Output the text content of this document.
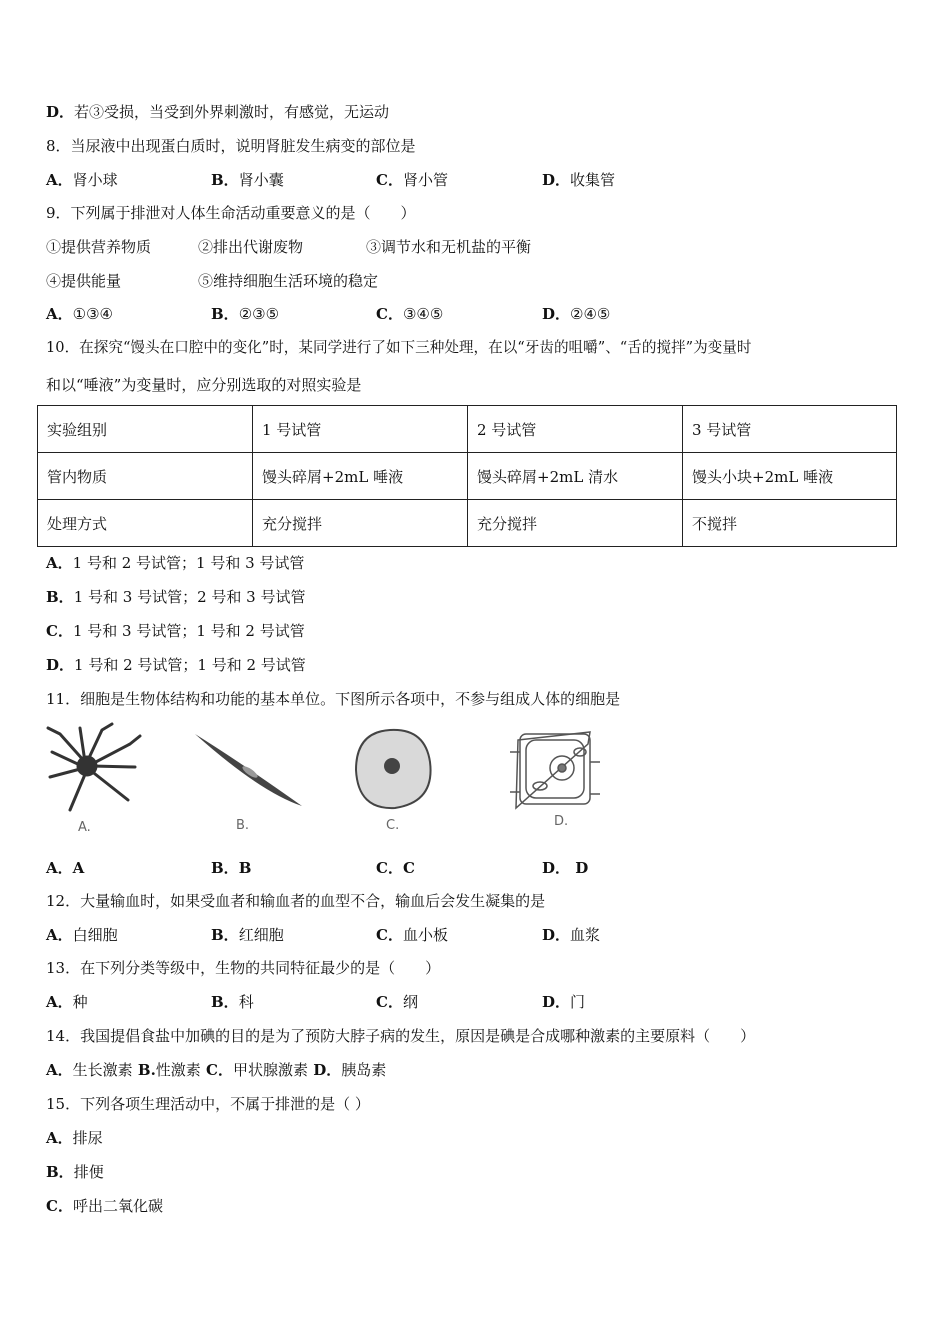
D．若③受损，当受到外界刺激时，有感觉，无运动
8．当尿液中出现蛋白质时，说明肾脏发生病变的部位是
A．肾小球	B．肾小囊	C．肾小管	D．收集管
9．下列属于排泄对人体生命活动重要意义的是（　　）
①提供营养物质	②排出代谢废物	③调节水和无机盐的平衡
④提供能量	⑤维持细胞生活环境的稳定
A．①③④	B．②③⑤	C．③④⑤	D．②④⑤
10．在探究“馒头在口腔中的变化”时，某同学进行了如下三种处理，在以“牙齿的咀嚼”、“舌的搅拌”为变量时
和以“唾液”为变量时，应分别选取的对照实验是
实验组别	1 号试管	2 号试管	3 号试管
管内物质	馒头碎屑+2mL 唾液	馒头碎屑+2mL 清水	馒头小块+2mL 唾液
处理方式	充分搅拌	充分搅拌	不搅拌
A．1 号和 2 号试管；1 号和 3 号试管
B．1 号和 3 号试管；2 号和 3 号试管
C．1 号和 3 号试管；1 号和 2 号试管
D．1 号和 2 号试管；1 号和 2 号试管
11．细胞是生物体结构和功能的基本单位。下图所示各项中，不参与组成人体的细胞是
A.	B.	C.	D.
A．A	B．B	C．C	D． D
12．大量输血时，如果受血者和输血者的血型不合，输血后会发生凝集的是
A．白细胞	B．红细胞	C．血小板	D．血浆
13．在下列分类等级中，生物的共同特征最少的是（　　）
A．种	B．科	C．纲	D．门
14．我国提倡食盐中加碘的目的是为了预防大脖子病的发生，原因是碘是合成哪种激素的主要原料（　　）
A．生长激素 B.性激素 C．甲状腺激素 D．胰岛素
15．下列各项生理活动中，不属于排泄的是（ ）
A．排尿
B．排便
C．呼出二氧化碳
